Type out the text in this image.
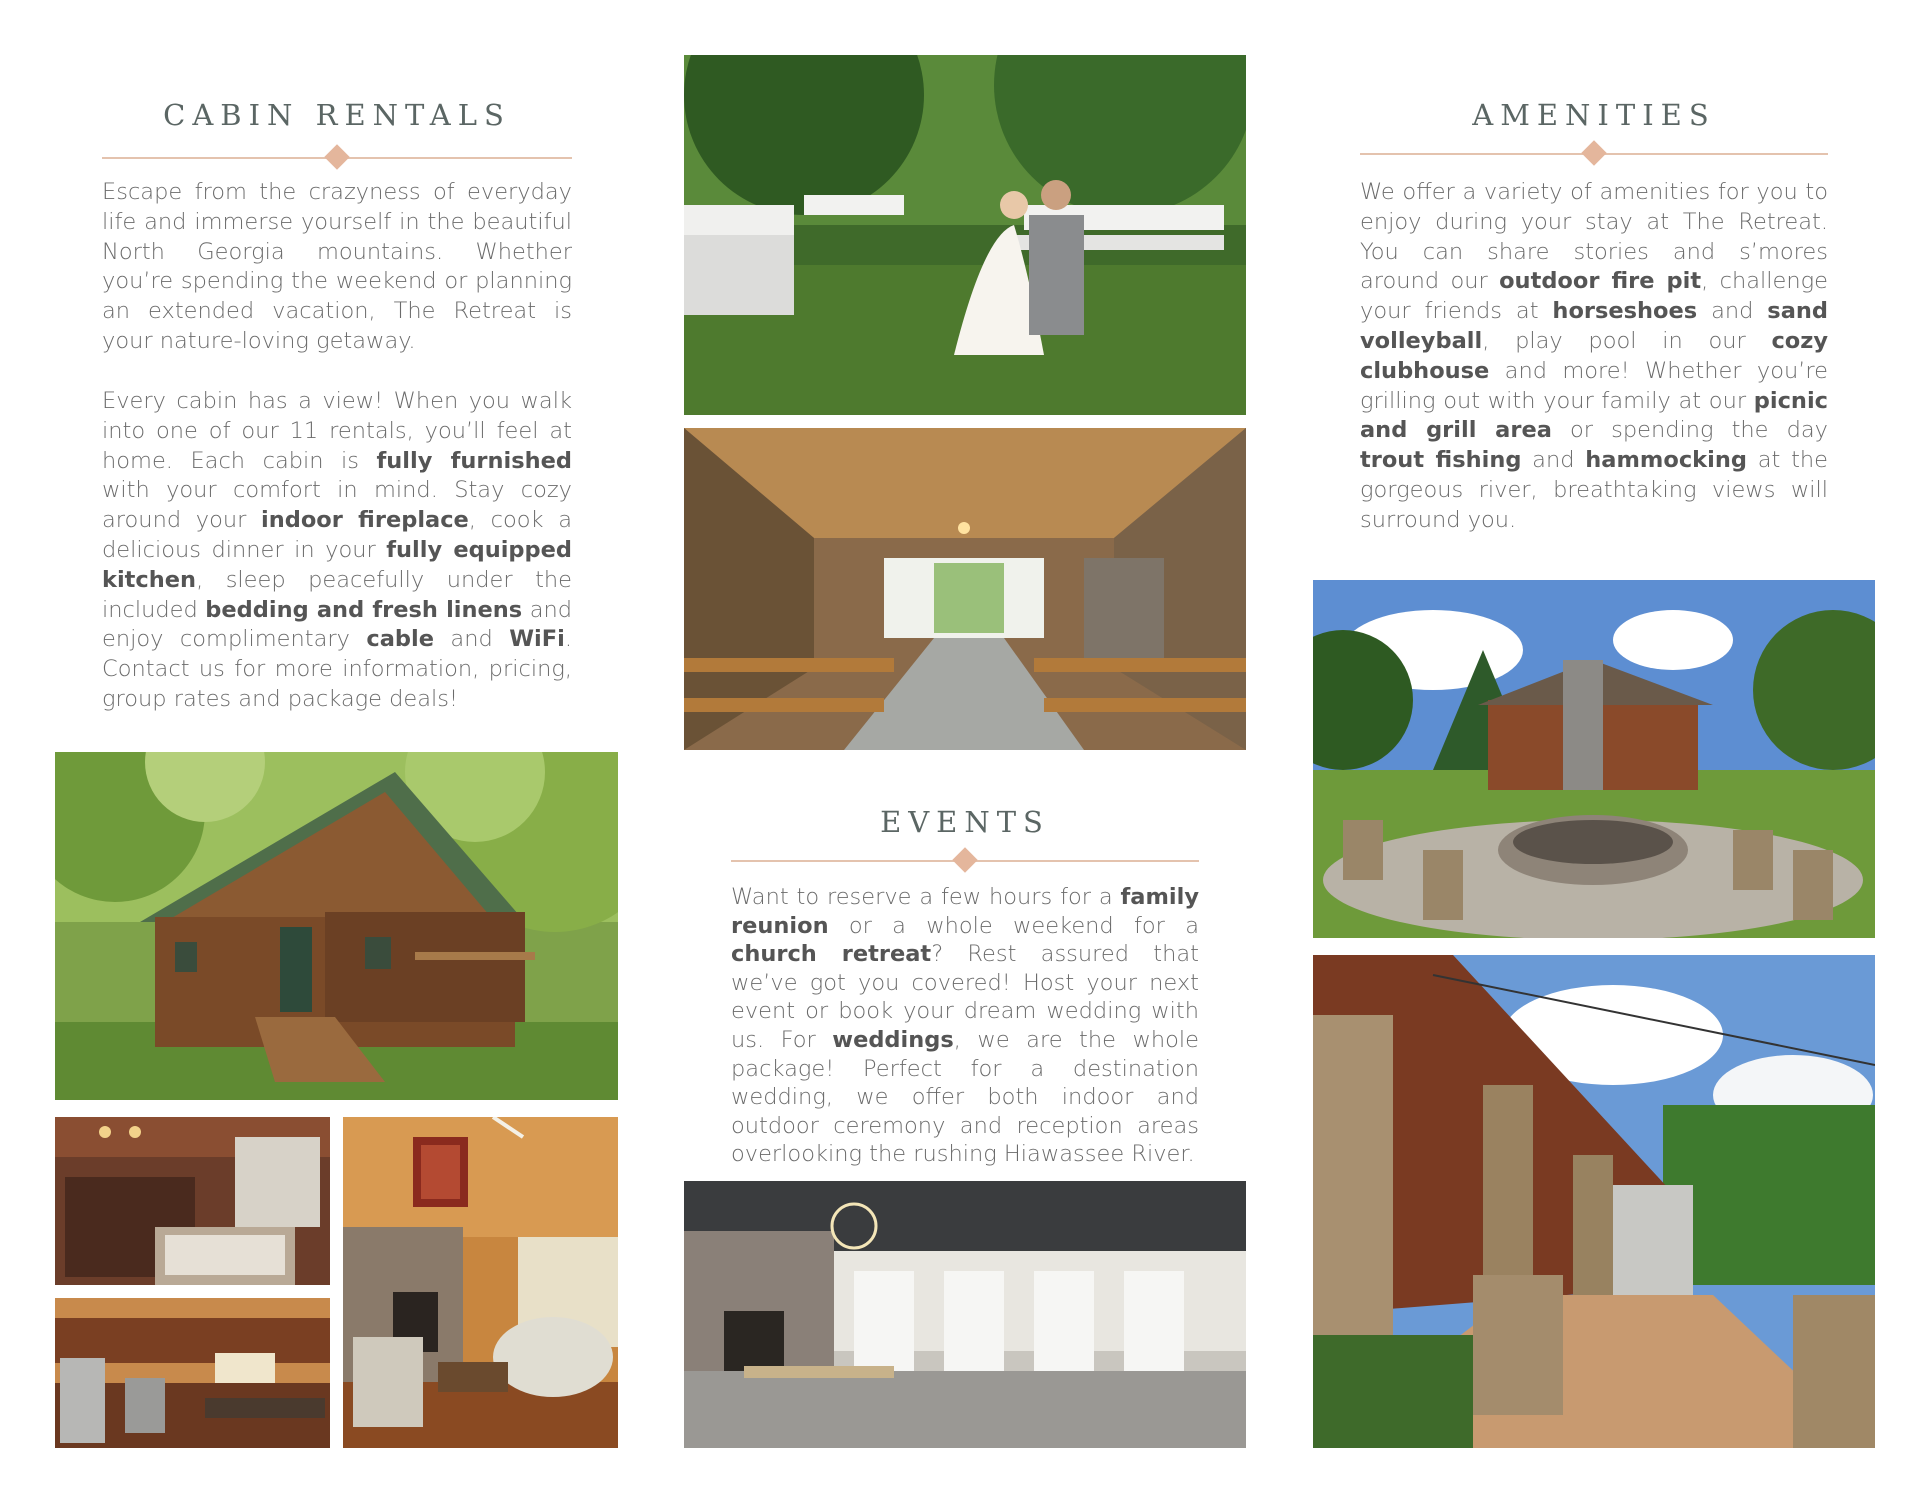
CABIN RENTALS

Escape from the crazyness of everyday life and immerse yourself in the beautiful North Georgia mountains. Whether you’re spending the weekend or planning an extended vacation, The Retreat is your nature-loving getaway.

Every cabin has a view! When you walk into one of our 11 rentals, you’ll feel at home. Each cabin is fully furnished with your comfort in mind. Stay cozy around your indoor fireplace, cook a delicious dinner in your fully equipped kitchen, sleep peacefully under the included bedding and fresh linens and enjoy complimentary cable and WiFi. Contact us for more information, pricing, group rates and package deals!

EVENTS

Want to reserve a few hours for a family reunion or a whole weekend for a church retreat? Rest assured that we’ve got you covered! Host your next event or book your dream wedding with us. For weddings, we are the whole package! Perfect for a destination wedding, we offer both indoor and outdoor ceremony and reception areas overlooking the rushing Hiawassee River.

AMENITIES

We offer a variety of amenities for you to enjoy during your stay at The Retreat. You can share stories and s’mores around our outdoor fire pit, challenge your friends at horseshoes and sand volleyball, play pool in our cozy clubhouse and more! Whether you’re grilling out with your family at our picnic and grill area or spending the day trout fishing and hammocking at the gorgeous river, breathtaking views will surround you.
